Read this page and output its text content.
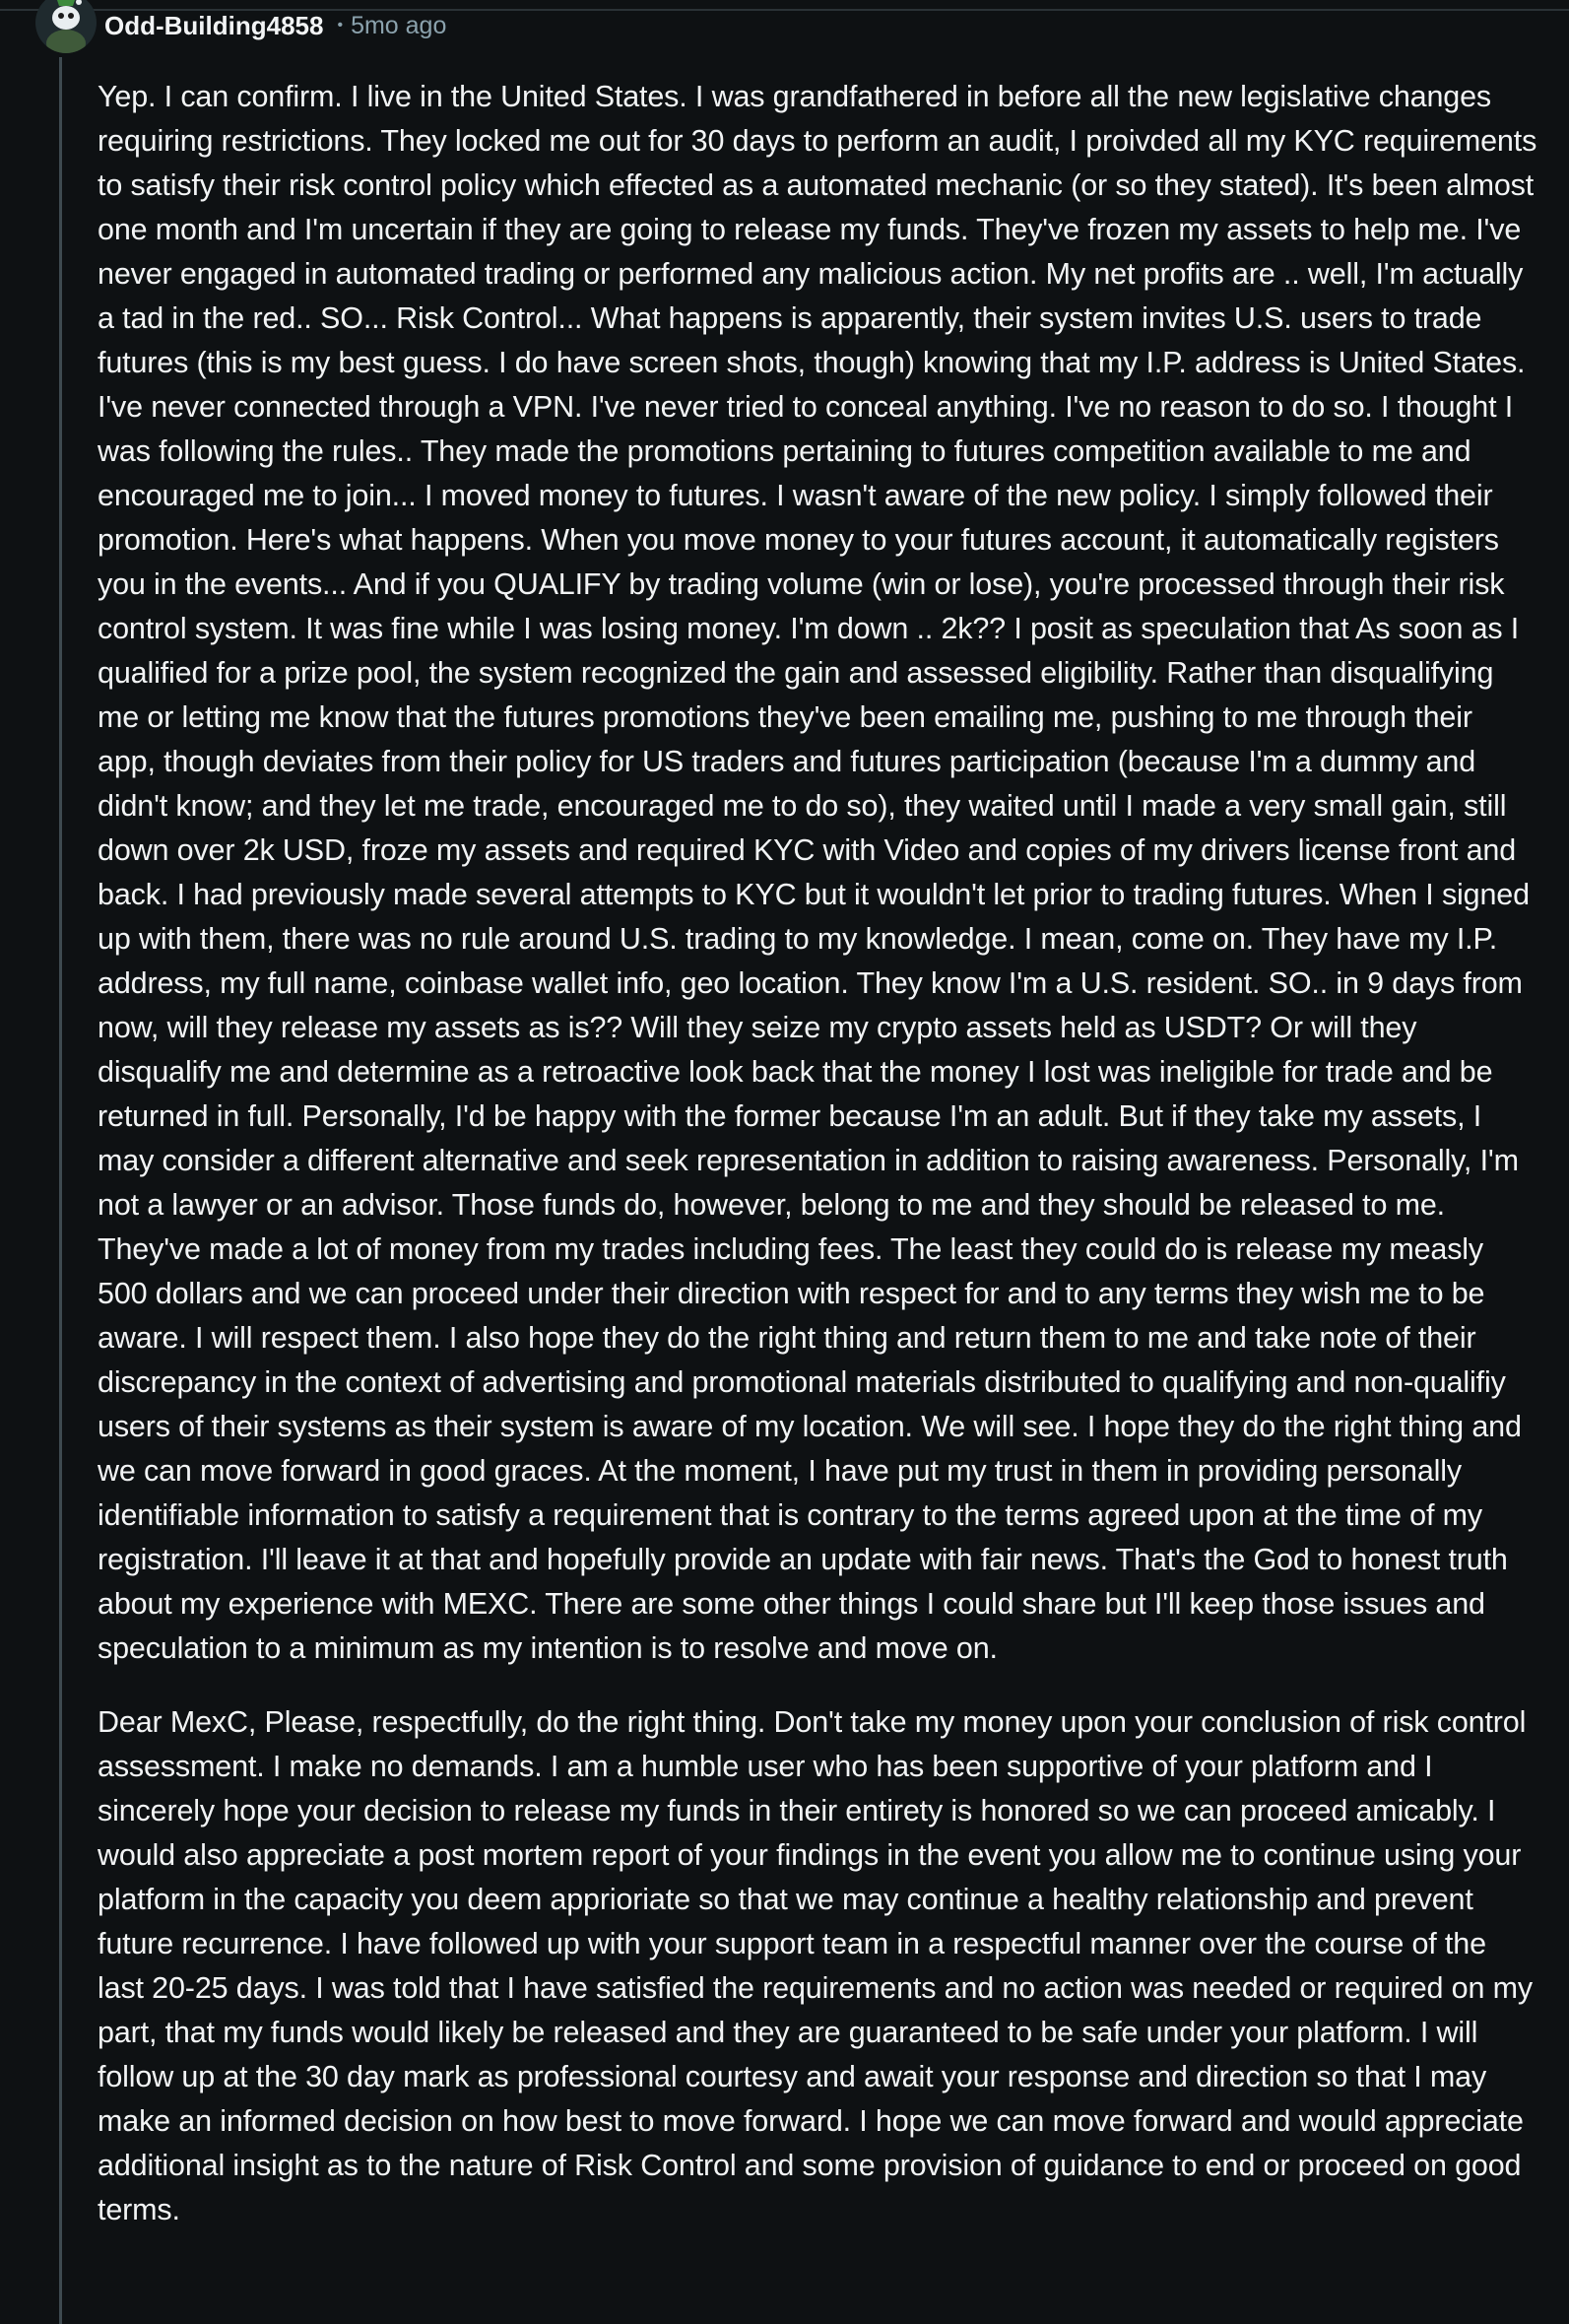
Odd-Building4858 • 5mo ago

Yep. I can confirm. I live in the United States. I was grandfathered in before all the new legislative changes requiring restrictions. They locked me out for 30 days to perform an audit, I proivded all my KYC requirements to satisfy their risk control policy which effected as a automated mechanic (or so they stated). It's been almost one month and I'm uncertain if they are going to release my funds. They've frozen my assets to help me. I've never engaged in automated trading or performed any malicious action. My net profits are .. well, I'm actually a tad in the red.. SO... Risk Control... What happens is apparently, their system invites U.S. users to trade futures (this is my best guess. I do have screen shots, though) knowing that my I.P. address is United States. I've never connected through a VPN. I've never tried to conceal anything. I've no reason to do so. I thought I was following the rules.. They made the promotions pertaining to futures competition available to me and encouraged me to join... I moved money to futures. I wasn't aware of the new policy. I simply followed their promotion. Here's what happens. When you move money to your futures account, it automatically registers you in the events... And if you QUALIFY by trading volume (win or lose), you're processed through their risk control system. It was fine while I was losing money. I'm down .. 2k?? I posit as speculation that As soon as I qualified for a prize pool, the system recognized the gain and assessed eligibility. Rather than disqualifying me or letting me know that the futures promotions they've been emailing me, pushing to me through their app, though deviates from their policy for US traders and futures participation (because I'm a dummy and didn't know; and they let me trade, encouraged me to do so), they waited until I made a very small gain, still down over 2k USD, froze my assets and required KYC with Video and copies of my drivers license front and back. I had previously made several attempts to KYC but it wouldn't let prior to trading futures. When I signed up with them, there was no rule around U.S. trading to my knowledge. I mean, come on. They have my I.P. address, my full name, coinbase wallet info, geo location. They know I'm a U.S. resident. SO.. in 9 days from now, will they release my assets as is?? Will they seize my crypto assets held as USDT? Or will they disqualify me and determine as a retroactive look back that the money I lost was ineligible for trade and be returned in full. Personally, I'd be happy with the former because I'm an adult. But if they take my assets, I may consider a different alternative and seek representation in addition to raising awareness. Personally, I'm not a lawyer or an advisor. Those funds do, however, belong to me and they should be released to me. They've made a lot of money from my trades including fees. The least they could do is release my measly 500 dollars and we can proceed under their direction with respect for and to any terms they wish me to be aware. I will respect them. I also hope they do the right thing and return them to me and take note of their discrepancy in the context of advertising and promotional materials distributed to qualifying and non-qualifiy users of their systems as their system is aware of my location. We will see. I hope they do the right thing and we can move forward in good graces. At the moment, I have put my trust in them in providing personally identifiable information to satisfy a requirement that is contrary to the terms agreed upon at the time of my registration. I'll leave it at that and hopefully provide an update with fair news. That's the God to honest truth about my experience with MEXC. There are some other things I could share but I'll keep those issues and speculation to a minimum as my intention is to resolve and move on.

Dear MexC, Please, respectfully, do the right thing. Don't take my money upon your conclusion of risk control assessment. I make no demands. I am a humble user who has been supportive of your platform and I sincerely hope your decision to release my funds in their entirety is honored so we can proceed amicably. I would also appreciate a post mortem report of your findings in the event you allow me to continue using your platform in the capacity you deem apprioriate so that we may continue a healthy relationship and prevent future recurrence. I have followed up with your support team in a respectful manner over the course of the last 20-25 days. I was told that I have satisfied the requirements and no action was needed or required on my part, that my funds would likely be released and they are guaranteed to be safe under your platform. I will follow up at the 30 day mark as professional courtesy and await your response and direction so that I may make an informed decision on how best to move forward. I hope we can move forward and would appreciate additional insight as to the nature of Risk Control and some provision of guidance to end or proceed on good terms.
